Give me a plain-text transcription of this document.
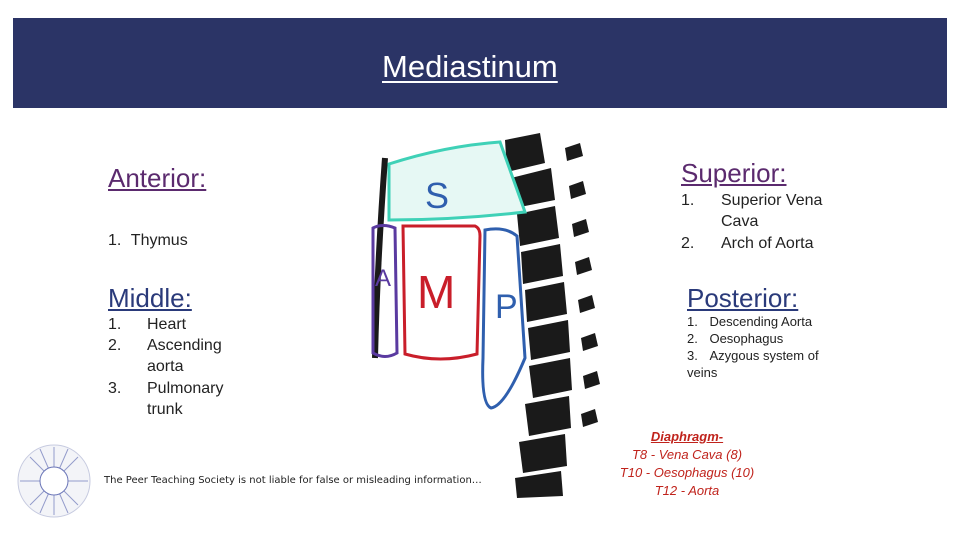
Mediastinum
Anterior:
1. Thymus
Middle:
1. Heart
2. Ascending aorta
3. Pulmonary trunk
Superior:
1. Superior Vena Cava
2. Arch of Aorta
Posterior:
1. Descending Aorta
2. Oesophagus
3. Azygous system of veins
S
A M P
Diaphragm-
T8 - Vena Cava (8)
T10 - Oesophagus (10)
T12 - Aorta
The Peer Teaching Society is not liable for false or misleading information…
